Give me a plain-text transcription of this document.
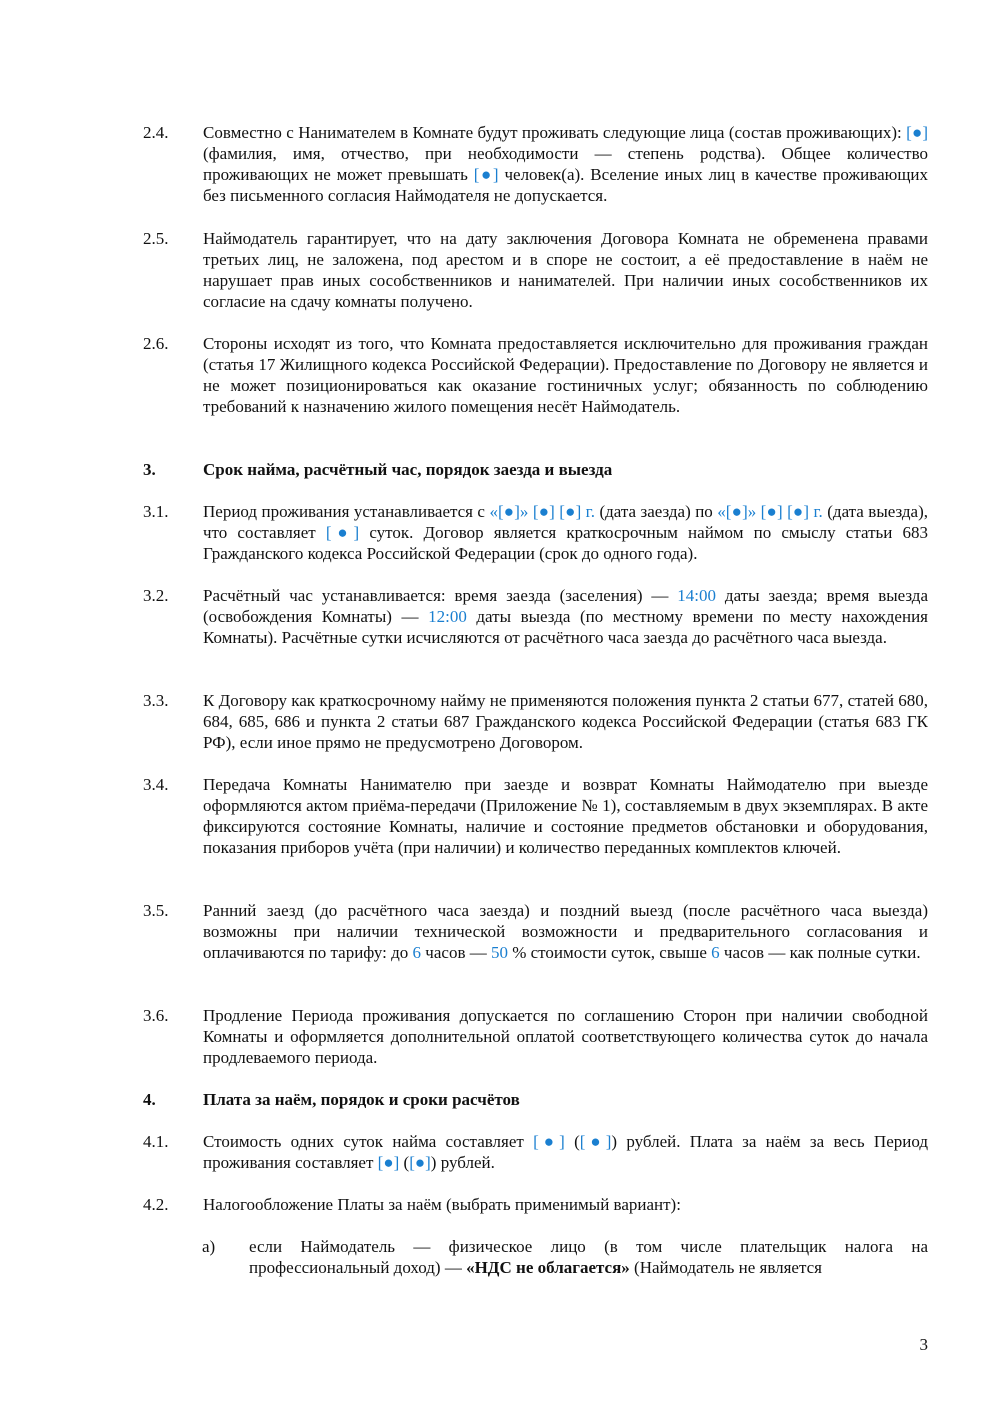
2.4.	Совместно с Нанимателем в Комнате будут проживать следующие лица (состав проживающих): [●] (фамилия, имя, отчество, при необходимости — степень родства). Общее количество проживающих не может превышать [●] человек(а). Вселение иных лиц в качестве проживающих без письменного согласия Наймодателя не допускается.
2.5.	Наймодатель гарантирует, что на дату заключения Договора Комната не обременена правами третьих лиц, не заложена, под арестом и в споре не состоит, а её предоставление в наём не нарушает прав иных сособственников и нанимателей. При наличии иных сособственников их согласие на сдачу комнаты получено.
2.6.	Стороны исходят из того, что Комната предоставляется исключительно для проживания граждан (статья 17 Жилищного кодекса Российской Федерации). Предоставление по Договору не является и не может позиционироваться как оказание гостиничных услуг; обязанность по соблюдению требований к назначению жилого помещения несёт Наймодатель.
3.	Срок найма, расчётный час, порядок заезда и выезда
3.1.	Период проживания устанавливается с «[●]» [●] [●] г. (дата заезда) по «[●]» [●] [●] г. (дата выезда), что составляет [●] суток. Договор является краткосрочным наймом по смыслу статьи 683 Гражданского кодекса Российской Федерации (срок до одного года).
3.2.	Расчётный час устанавливается: время заезда (заселения) — 14:00 даты заезда; время выезда (освобождения Комнаты) — 12:00 даты выезда (по местному времени по месту нахождения Комнаты). Расчётные сутки исчисляются от расчётного часа заезда до расчётного часа выезда.
3.3.	К Договору как краткосрочному найму не применяются положения пункта 2 статьи 677, статей 680, 684, 685, 686 и пункта 2 статьи 687 Гражданского кодекса Российской Федерации (статья 683 ГК РФ), если иное прямо не предусмотрено Договором.
3.4.	Передача Комнаты Нанимателю при заезде и возврат Комнаты Наймодателю при выезде оформляются актом приёма-передачи (Приложение № 1), составляемым в двух экземплярах. В акте фиксируются состояние Комнаты, наличие и состояние предметов обстановки и оборудования, показания приборов учёта (при наличии) и количество переданных комплектов ключей.
3.5.	Ранний заезд (до расчётного часа заезда) и поздний выезд (после расчётного часа выезда) возможны при наличии технической возможности и предварительного согласования и оплачиваются по тарифу: до 6 часов — 50 % стоимости суток, свыше 6 часов — как полные сутки.
3.6.	Продление Периода проживания допускается по соглашению Сторон при наличии свободной Комнаты и оформляется дополнительной оплатой соответствующего количества суток до начала продлеваемого периода.
4.	Плата за наём, порядок и сроки расчётов
4.1.	Стоимость одних суток найма составляет [●] ([●]) рублей. Плата за наём за весь Период проживания составляет [●] ([●]) рублей.
4.2.	Налогообложение Платы за наём (выбрать применимый вариант):
а)	если Наймодатель — физическое лицо (в том числе плательщик налога на профессиональный доход) — «НДС не облагается» (Наймодатель не является
3
